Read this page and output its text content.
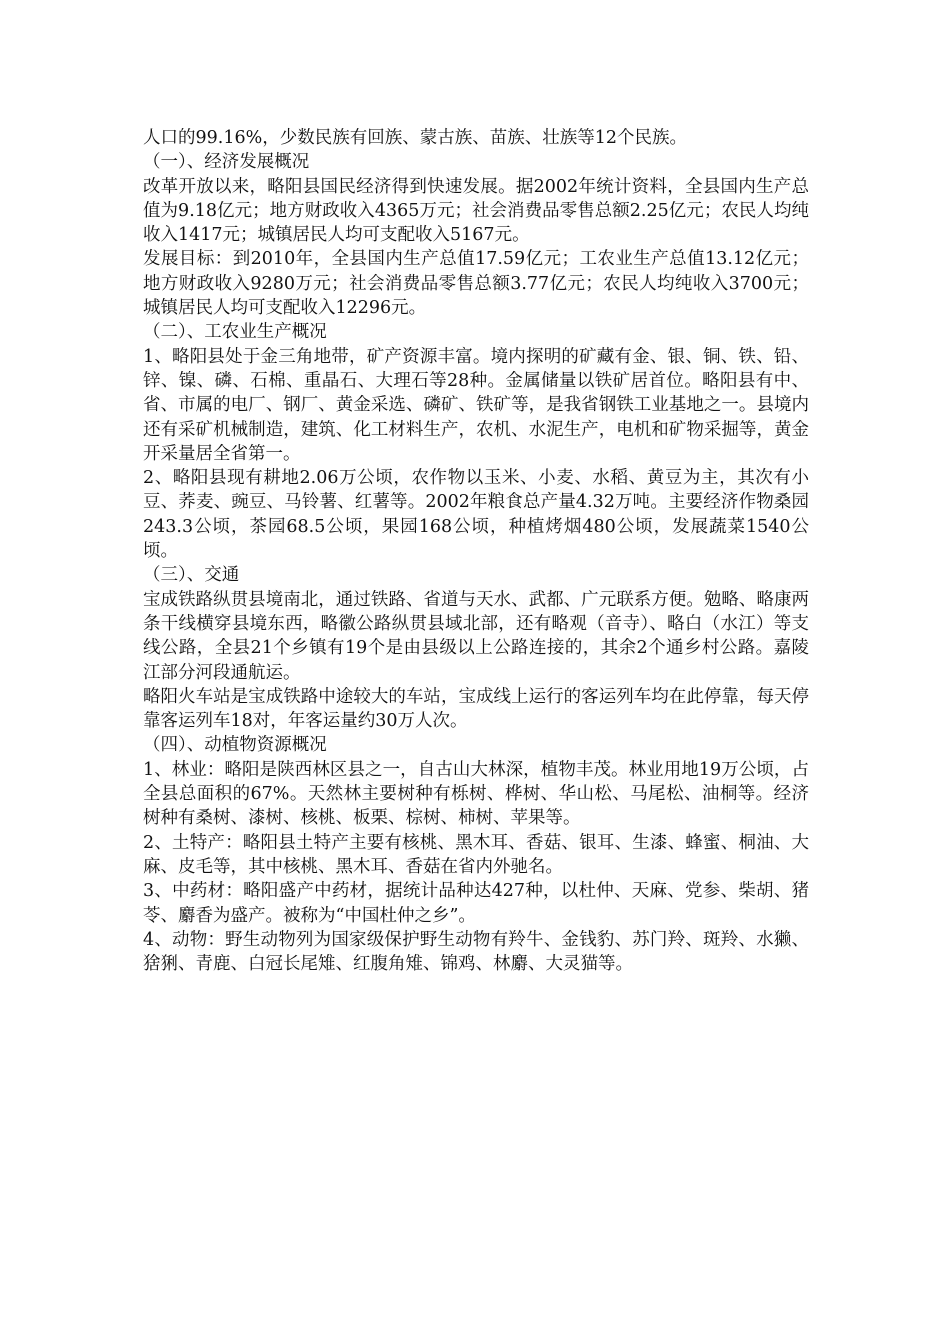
人口的99.16%，少数民族有回族、蒙古族、苗族、壮族等12个民族。

（一）、经济发展概况

改革开放以来，略阳县国民经济得到快速发展。据2002年统计资料，全县国内生产总值为9.18亿元；地方财政收入4365万元；社会消费品零售总额2.25亿元；农民人均纯收入1417元；城镇居民人均可支配收入5167元。

发展目标：到2010年，全县国内生产总值17.59亿元；工农业生产总值13.12亿元；地方财政收入9280万元；社会消费品零售总额3.77亿元；农民人均纯收入3700元；城镇居民人均可支配收入12296元。

（二）、工农业生产概况

1、略阳县处于金三角地带，矿产资源丰富。境内探明的矿藏有金、银、铜、铁、铅、锌、镍、磷、石棉、重晶石、大理石等28种。金属储量以铁矿居首位。略阳县有中、省、市属的电厂、钢厂、黄金采选、磷矿、铁矿等，是我省钢铁工业基地之一。县境内还有采矿机械制造，建筑、化工材料生产，农机、水泥生产，电机和矿物采掘等，黄金开采量居全省第一。

2、略阳县现有耕地2.06万公顷，农作物以玉米、小麦、水稻、黄豆为主，其次有小豆、荞麦、豌豆、马铃薯、红薯等。2002年粮食总产量4.32万吨。主要经济作物桑园243.3公顷，茶园68.5公顷，果园168公顷，种植烤烟480公顷，发展蔬菜1540公顷。

（三）、交通

宝成铁路纵贯县境南北，通过铁路、省道与天水、武都、广元联系方便。勉略、略康两条干线横穿县境东西，略徽公路纵贯县域北部，还有略观（音寺）、略白（水江）等支线公路，全县21个乡镇有19个是由县级以上公路连接的，其余2个通乡村公路。嘉陵江部分河段通航运。

略阳火车站是宝成铁路中途较大的车站，宝成线上运行的客运列车均在此停靠，每天停靠客运列车18对，年客运量约30万人次。

（四）、动植物资源概况

1、林业：略阳是陕西林区县之一，自古山大林深，植物丰茂。林业用地19万公顷，占全县总面积的67%。天然林主要树种有栎树、桦树、华山松、马尾松、油桐等。经济树种有桑树、漆树、核桃、板栗、棕树、柿树、苹果等。

2、土特产：略阳县土特产主要有核桃、黑木耳、香菇、银耳、生漆、蜂蜜、桐油、大麻、皮毛等，其中核桃、黑木耳、香菇在省内外驰名。

3、中药材：略阳盛产中药材，据统计品种达427种，以杜仲、天麻、党参、柴胡、猪苓、麝香为盛产。被称为“中国杜仲之乡”。

4、动物：野生动物列为国家级保护野生动物有羚牛、金钱豹、苏门羚、斑羚、水獭、猞猁、青鹿、白冠长尾雉、红腹角雉、锦鸡、林麝、大灵猫等。
